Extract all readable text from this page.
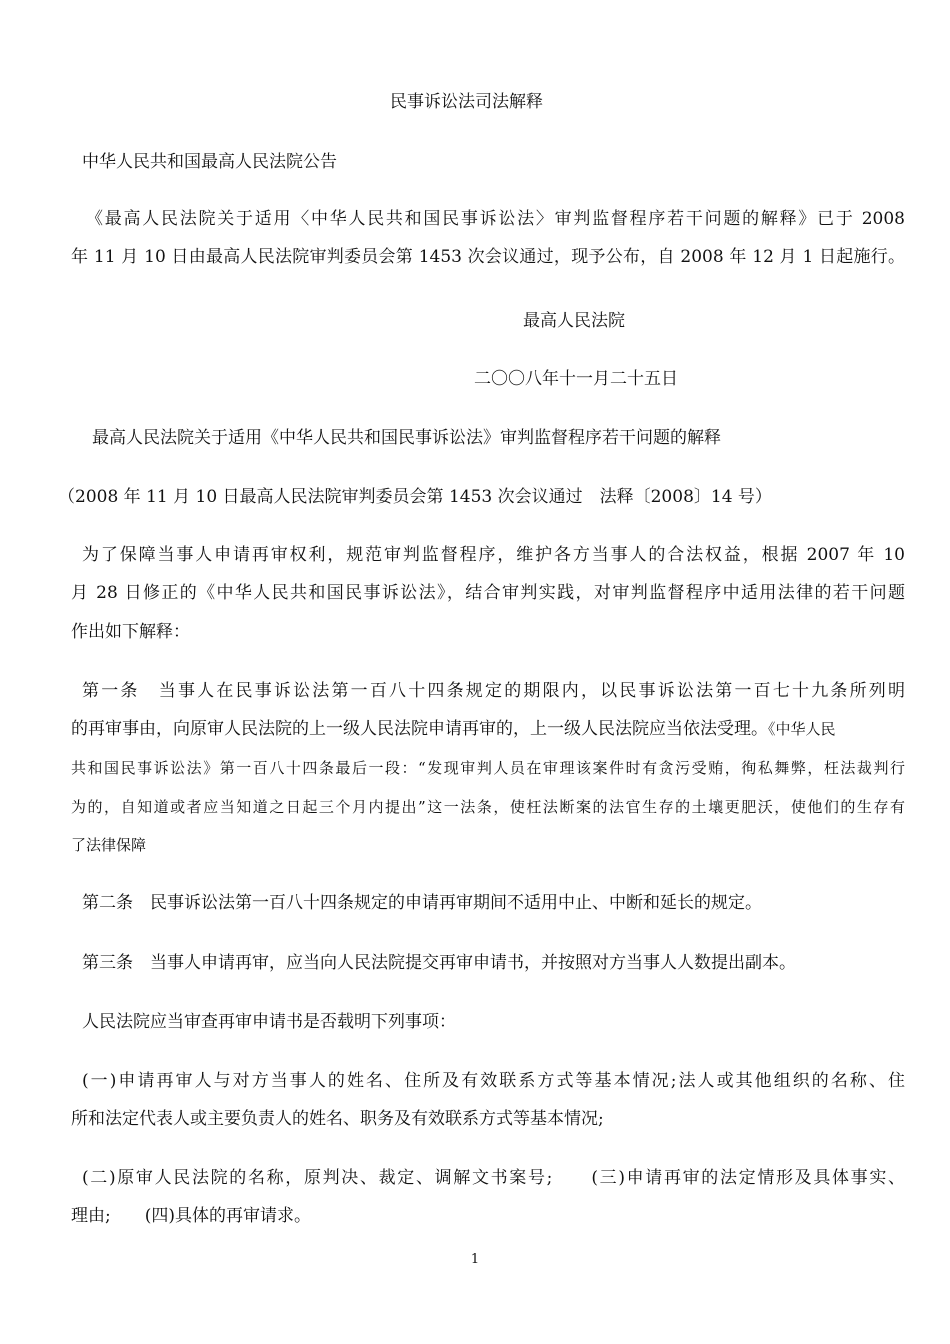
民事诉讼法司法解释

中华人民共和国最高人民法院公告

《最高人民法院关于适用〈中华人民共和国民事诉讼法〉审判监督程序若干问题的解释》已于 2008

年 11 月 10 日由最高人民法院审判委员会第 1453 次会议通过，现予公布，自 2008 年 12 月 1 日起施行。

最高人民法院

二〇〇八年十一月二十五日

最高人民法院关于适用《中华人民共和国民事诉讼法》审判监督程序若干问题的解释

（2008 年 11 月 10 日最高人民法院审判委员会第 1453 次会议通过　法释〔2008〕14 号）

为了保障当事人申请再审权利，规范审判监督程序，维护各方当事人的合法权益，根据 2007 年 10

月 28 日修正的《中华人民共和国民事诉讼法》，结合审判实践，对审判监督程序中适用法律的若干问题

作出如下解释：

第一条　当事人在民事诉讼法第一百八十四条规定的期限内，以民事诉讼法第一百七十九条所列明

的再审事由，向原审人民法院的上一级人民法院申请再审的，上一级人民法院应当依法受理。《中华人民

共和国民事诉讼法》第一百八十四条最后一段：“发现审判人员在审理该案件时有贪污受贿，徇私舞弊，枉法裁判行

为的，自知道或者应当知道之日起三个月内提出”这一法条，使枉法断案的法官生存的土壤更肥沃，使他们的生存有

了法律保障

第二条　民事诉讼法第一百八十四条规定的申请再审期间不适用中止、中断和延长的规定。

第三条　当事人申请再审，应当向人民法院提交再审申请书，并按照对方当事人人数提出副本。

人民法院应当审查再审申请书是否载明下列事项：

(一)申请再审人与对方当事人的姓名、住所及有效联系方式等基本情况;法人或其他组织的名称、住

所和法定代表人或主要负责人的姓名、职务及有效联系方式等基本情况;

(二)原审人民法院的名称，原判决、裁定、调解文书案号;　　(三)申请再审的法定情形及具体事实、

理由;　　(四)具体的再审请求。

1
